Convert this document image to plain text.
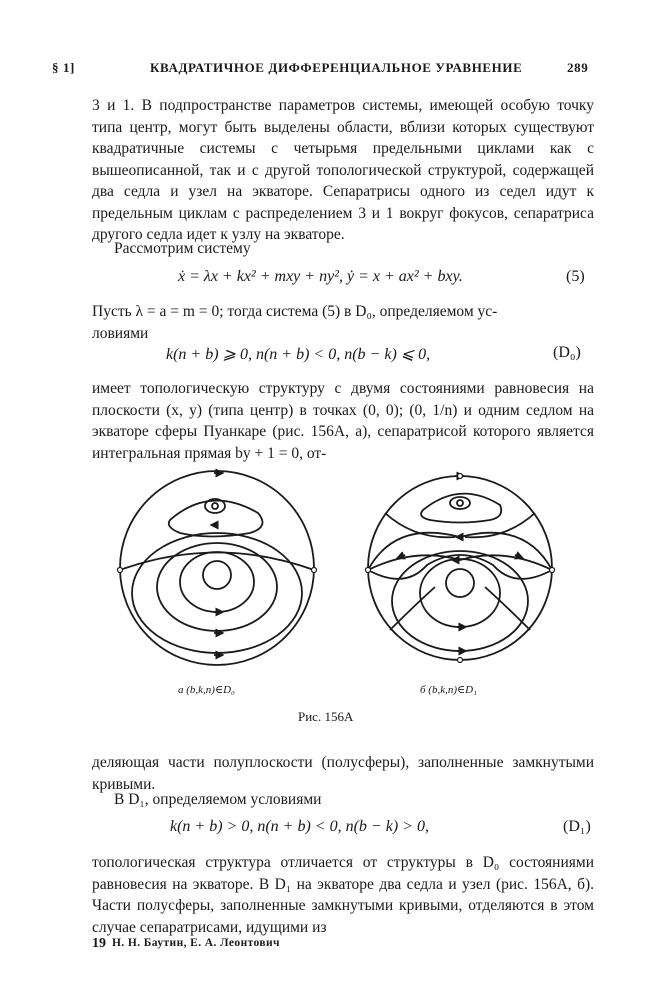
§ 1]	КВАДРАТИЧНОЕ ДИФФЕРЕНЦИАЛЬНОЕ УРАВНЕНИЕ	289

3 и 1. В подпространстве параметров системы, имеющей особую точку типа центр, могут быть выделены области, вблизи которых существуют квадратичные системы с четырьмя предельными циклами как с вышеописанной, так и с другой топологической структурой, содержащей два седла и узел на экваторе. Сепаратрисы одного из седел идут к предельным циклам с распределением 3 и 1 вокруг фокусов, сепаратриса другого седла идет к узлу на экваторе.

Рассмотрим систему

ẋ = λx + kx² + mxy + ny², ẏ = x + ax² + bxy.	(5)

Пусть λ = a = m = 0; тогда система (5) в D₀, определяемом ус-

ловиями

k(n + b) ⩾ 0, n(n + b) < 0, n(b − k) ⩽ 0,	(D₀)

имеет топологическую структуру с двумя состояниями равновесия на плоскости (x, y) (типа центр) в точках (0, 0); (0, 1/n) и одним седлом на экваторе сферы Пуанкаре (рис. 156А, a), сепаратрисой которого является интегральная прямая by + 1 = 0, от-

a (b,k,n)∈D₀	б (b,k,n)∈D₁
Рис. 156А

деляющая части полуплоскости (полусферы), заполненные замкнутыми кривыми.

В D₁, определяемом условиями

k(n + b) > 0, n(n + b) < 0, n(b − k) > 0,	(D₁)

топологическая структура отличается от структуры в D₀ состояниями равновесия на экваторе. В D₁ на экваторе два седла и узел (рис. 156А, б). Части полусферы, заполненные замкнутыми кривыми, отделяются в этом случае сепаратрисами, идущими из

19 Н. Н. Баутин, Е. А. Леонтович
